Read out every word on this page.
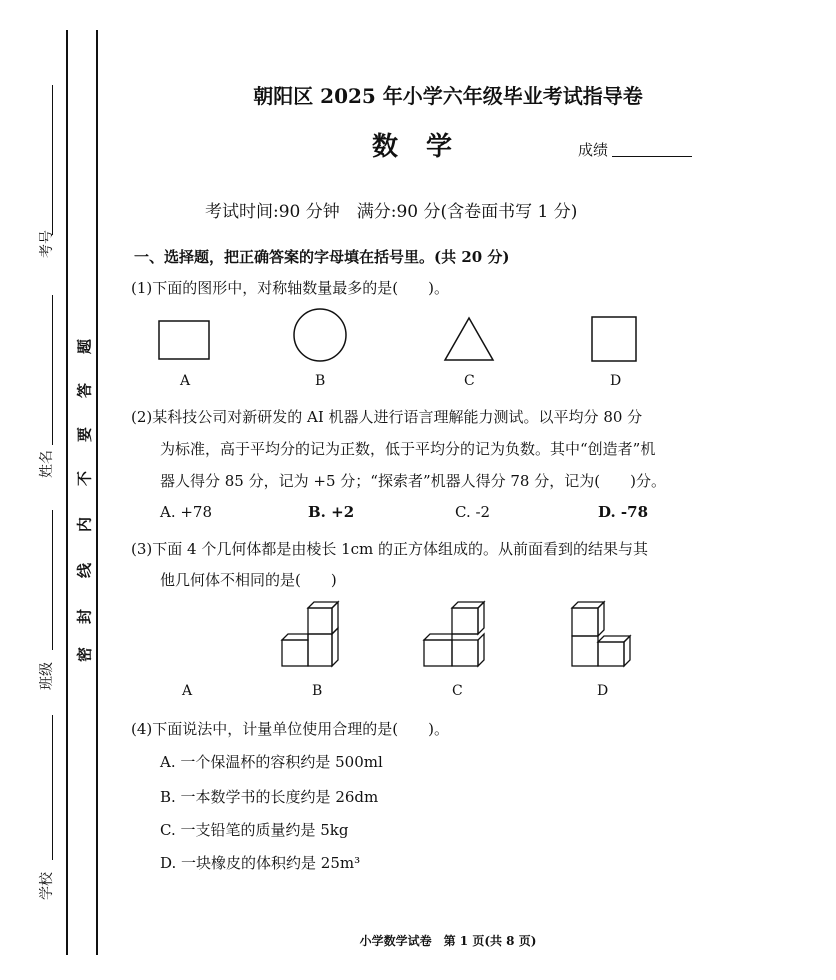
考号
姓名
班级
学校
密
封
线
内
不
要
答
题
朝阳区 2025 年小学六年级毕业考试指导卷
数学	成绩
考试时间:90 分钟　满分:90 分(含卷面书写 1 分)
一、选择题，把正确答案的字母填在括号里。(共 20 分)
(1)下面的图形中，对称轴数量最多的是(　　)。
A	B	C	D
(2)某科技公司对新研发的 AI 机器人进行语言理解能力测试。以平均分 80 分
为标准，高于平均分的记为正数，低于平均分的记为负数。其中“创造者”机
器人得分 85 分，记为 +5 分；“探索者”机器人得分 78 分，记为(　　)分。
A. +78	B. +2	C. -2	D. -78
(3)下面 4 个几何体都是由棱长 1cm 的正方体组成的。从前面看到的结果与其
他几何体不相同的是(　　)
A	B	C	D
(4)下面说法中，计量单位使用合理的是(　　)。
A. 一个保温杯的容积约是 500ml
B. 一本数学书的长度约是 26dm
C. 一支铅笔的质量约是 5kg
D. 一块橡皮的体积约是 25m³
小学数学试卷　第 1 页(共 8 页)
